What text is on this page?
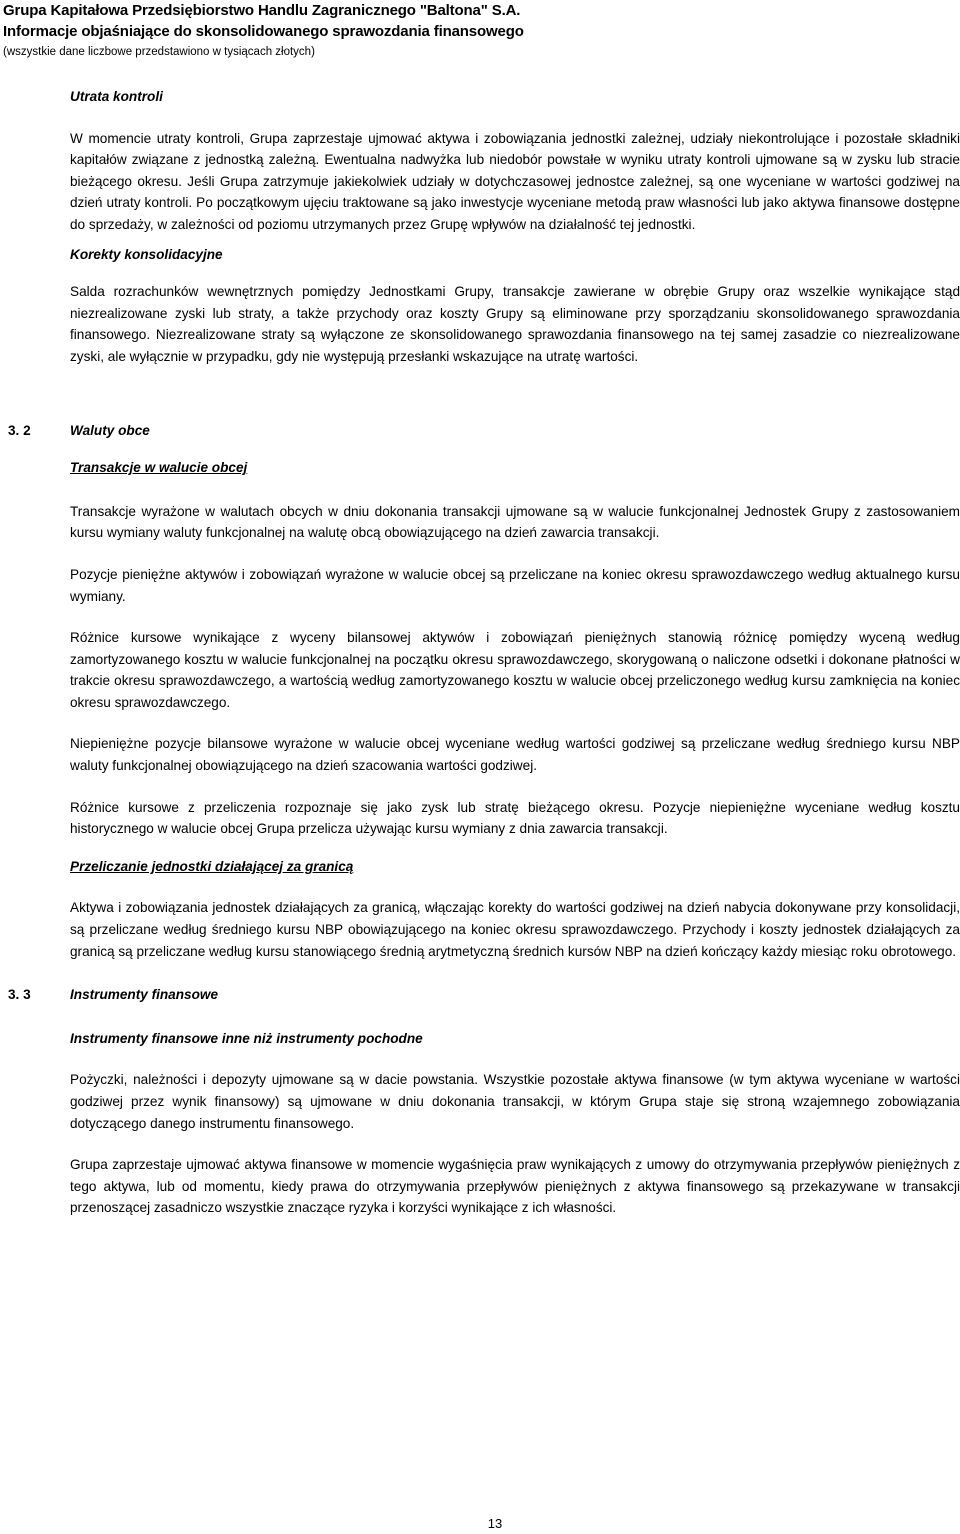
Grupa Kapitałowa Przedsiębiorstwo Handlu Zagranicznego "Baltona" S.A.
Informacje objaśniające do skonsolidowanego sprawozdania finansowego
(wszystkie dane liczbowe przedstawiono w tysiącach złotych)

Utrata kontroli

W momencie utraty kontroli, Grupa zaprzestaje ujmować aktywa i zobowiązania jednostki zależnej, udziały niekontrolujące i pozostałe składniki kapitałów związane z jednostką zależną. Ewentualna nadwyżka lub niedobór powstałe w wyniku utraty kontroli ujmowane są w zysku lub stracie bieżącego okresu. Jeśli Grupa zatrzymuje jakiekolwiek udziały w dotychczasowej jednostce zależnej, są one wyceniane w wartości godziwej na dzień utraty kontroli. Po początkowym ujęciu traktowane są jako inwestycje wyceniane metodą praw własności lub jako aktywa finansowe dostępne do sprzedaży, w zależności od poziomu utrzymanych przez Grupę wpływów na działalność tej jednostki.

Korekty konsolidacyjne

Salda rozrachunków wewnętrznych pomiędzy Jednostkami Grupy, transakcje zawierane w obrębie Grupy oraz wszelkie wynikające stąd niezrealizowane zyski lub straty, a także przychody oraz koszty Grupy są eliminowane przy sporządzaniu skonsolidowanego sprawozdania finansowego. Niezrealizowane straty są wyłączone ze skonsolidowanego sprawozdania finansowego na tej samej zasadzie co niezrealizowane zyski, ale wyłącznie w przypadku, gdy nie występują przesłanki wskazujące na utratę wartości.

3. 2	Waluty obce

Transakcje w walucie obcej

Transakcje wyrażone w walutach obcych w dniu dokonania transakcji ujmowane są w walucie funkcjonalnej Jednostek Grupy z zastosowaniem kursu wymiany waluty funkcjonalnej na walutę obcą obowiązującego na dzień zawarcia transakcji.

Pozycje pieniężne aktywów i zobowiązań wyrażone w walucie obcej są przeliczane na koniec okresu sprawozdawczego według aktualnego kursu wymiany.

Różnice kursowe wynikające z wyceny bilansowej aktywów i zobowiązań pieniężnych stanowią różnicę pomiędzy wyceną według zamortyzowanego kosztu w walucie funkcjonalnej na początku okresu sprawozdawczego, skorygowaną o naliczone odsetki i dokonane płatności w trakcie okresu sprawozdawczego, a wartością według zamortyzowanego kosztu w walucie obcej przeliczonego według kursu zamknięcia na koniec okresu sprawozdawczego.

Niepieniężne pozycje bilansowe wyrażone w walucie obcej wyceniane według wartości godziwej są przeliczane według średniego kursu NBP waluty funkcjonalnej obowiązującego na dzień szacowania wartości godziwej.

Różnice kursowe z przeliczenia rozpoznaje się jako zysk lub stratę bieżącego okresu. Pozycje niepieniężne wyceniane według kosztu historycznego w walucie obcej Grupa przelicza używając kursu wymiany z dnia zawarcia transakcji.

Przeliczanie jednostki działającej za granicą

Aktywa i zobowiązania jednostek działających za granicą, włączając korekty do wartości godziwej na dzień nabycia dokonywane przy konsolidacji, są przeliczane według średniego kursu NBP obowiązującego na koniec okresu sprawozdawczego. Przychody i koszty jednostek działających za granicą są przeliczane według kursu stanowiącego średnią arytmetyczną średnich kursów NBP na dzień kończący każdy miesiąc roku obrotowego.

3. 3	Instrumenty finansowe

Instrumenty finansowe inne niż instrumenty pochodne

Pożyczki, należności i depozyty ujmowane są w dacie powstania. Wszystkie pozostałe aktywa finansowe (w tym aktywa wyceniane w wartości godziwej przez wynik finansowy) są ujmowane w dniu dokonania transakcji, w którym Grupa staje się stroną wzajemnego zobowiązania dotyczącego danego instrumentu finansowego.

Grupa zaprzestaje ujmować aktywa finansowe w momencie wygaśnięcia praw wynikających z umowy do otrzymywania przepływów pieniężnych z tego aktywa, lub od momentu, kiedy prawa do otrzymywania przepływów pieniężnych z aktywa finansowego są przekazywane w transakcji przenoszącej zasadniczo wszystkie znaczące ryzyka i korzyści wynikające z ich własności.

13
